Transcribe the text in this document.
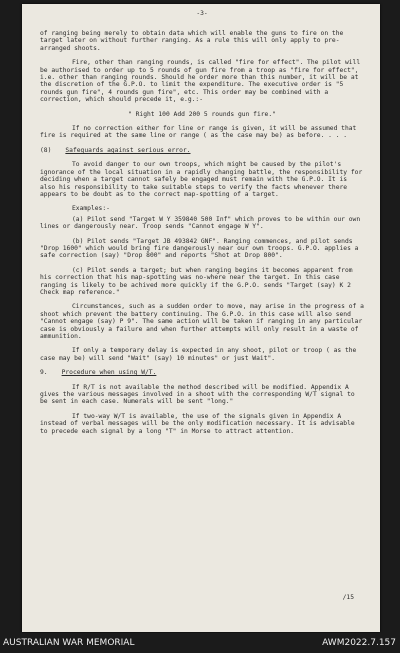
-3-

of ranging being merely to obtain data which will enable the guns to fire on the target later on without further ranging. As a rule this will only apply to pre-arranged shoots.

Fire, other than ranging rounds, is called "fire for effect". The pilot will be authorised to order up to 5 rounds of gun fire from a troop as "fire for effect", i.e. other than ranging rounds. Should he order more than this number, it will be at the discretion of the G.P.O. to limit the expenditure. The executive order is "5 rounds gun fire", 4 rounds gun fire", etc. This order may be combined with a correction, which should precede it, e.g.:-

" Right 100 Add 200 5 rounds gun fire."

If no correction either for line or range is given, it will be assumed that fire is required at the same line or range ( as the case may be) as before. . . .

(8) Safeguards against serious error.

To avoid danger to our own troops, which might be caused by the pilot's ignorance of the local situation in a rapidly changing battle, the responsibility for deciding when a target cannot safely be engaged must remain with the G.P.O. It is also his responsibility to take suitable steps to verify the facts whenever there appears to be doubt as to the correct map-spotting of a target.

Examples:-

(a) Pilot send "Target W Y 359840 500 Inf" which proves to be within our own lines or dangerously near. Troop sends "Cannot engage W Y".

(b) Pilot sends "Target JB 493842 GNF". Ranging commences, and pilot sends "Drop 1600" which would bring fire dangerously near our own troops. G.P.O. applies a safe correction (say) "Drop 800" and reports "Shot at Drop 800".

(c) Pilot sends a target; but when ranging begins it becomes apparent from his correction that his map-spotting was no-where near the target. In this case ranging is likely to be achived more quickly if the G.P.O. sends "Target (say) K 2 Check map reference."

Circumstances, such as a sudden order to move, may arise in the progress of a shoot which prevent the battery continuing. The G.P.O. in this case will also send "Cannot engage (say) P 9". The same action will be taken if ranging in any particular case is obviously a failure and when further attempts will only result in a waste of ammunition.

If only a temporary delay is expected in any shoot, pilot or troop ( as the case may be) will send "Wait" (say) 10 minutes" or just Wait".

9. Procedure when using W/T.

If R/T is not available the method described will be modified. Appendix A gives the various messages involved in a shoot with the corresponding W/T signal to be sent in each case. Numerals will be sent "long."

If two-way W/T is available, the use of the signals given in Appendix A instead of verbal messages will be the only modification necessary. It is advisable to precede each signal by a long "T" in Morse to attract attention.

/15
AUSTRALIAN WAR MEMORIAL	AWM2022.7.157
